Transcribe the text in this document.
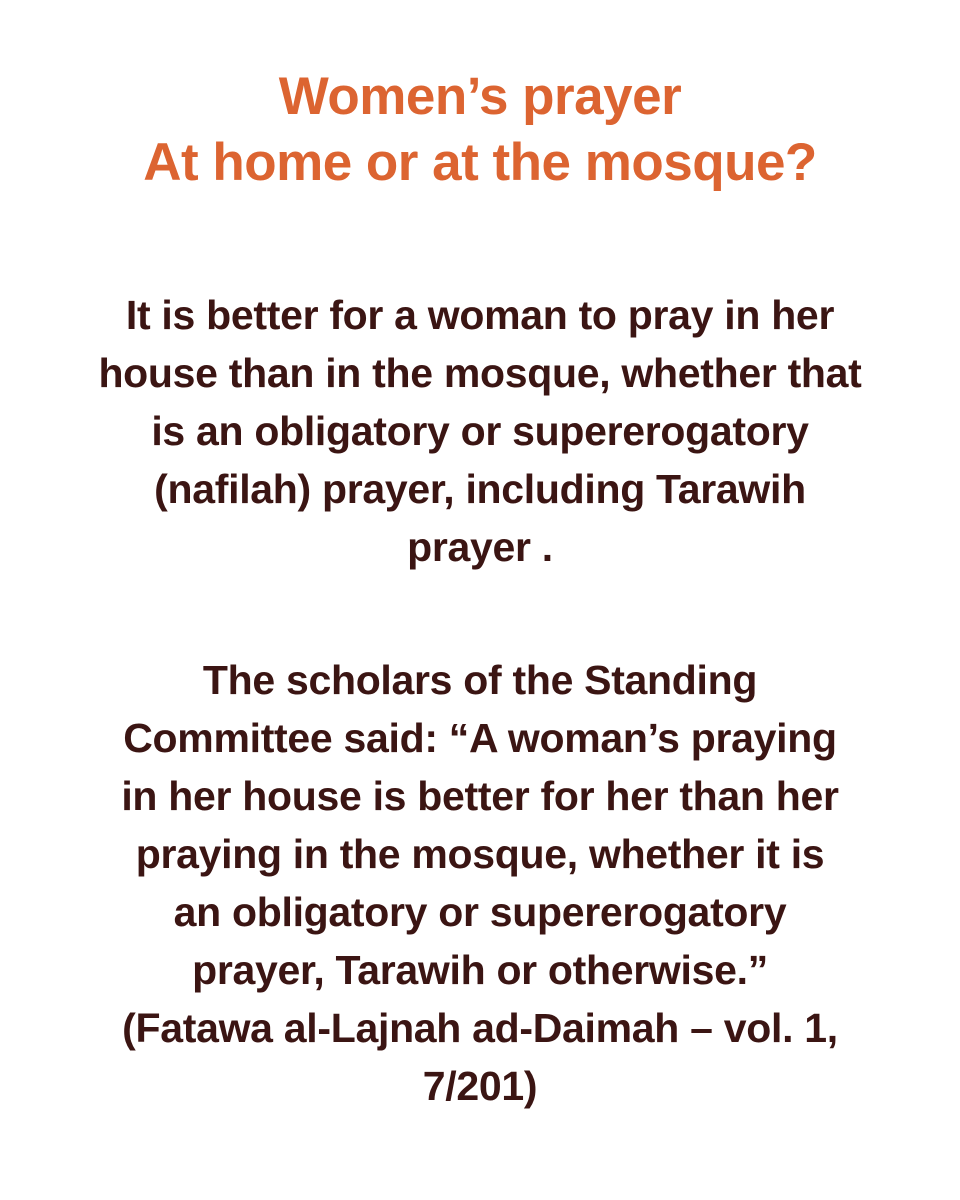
Women’s prayer
At home or at the mosque?
It is better for a woman to pray in her
house than in the mosque, whether that
is an obligatory or supererogatory
(nafilah) prayer, including Tarawih
prayer .
The scholars of the Standing
Committee said: “A woman’s praying
in her house is better for her than her
praying in the mosque, whether it is
an obligatory or supererogatory
prayer, Tarawih or otherwise.”
(Fatawa al-Lajnah ad-Daimah – vol. 1,
7/201)
